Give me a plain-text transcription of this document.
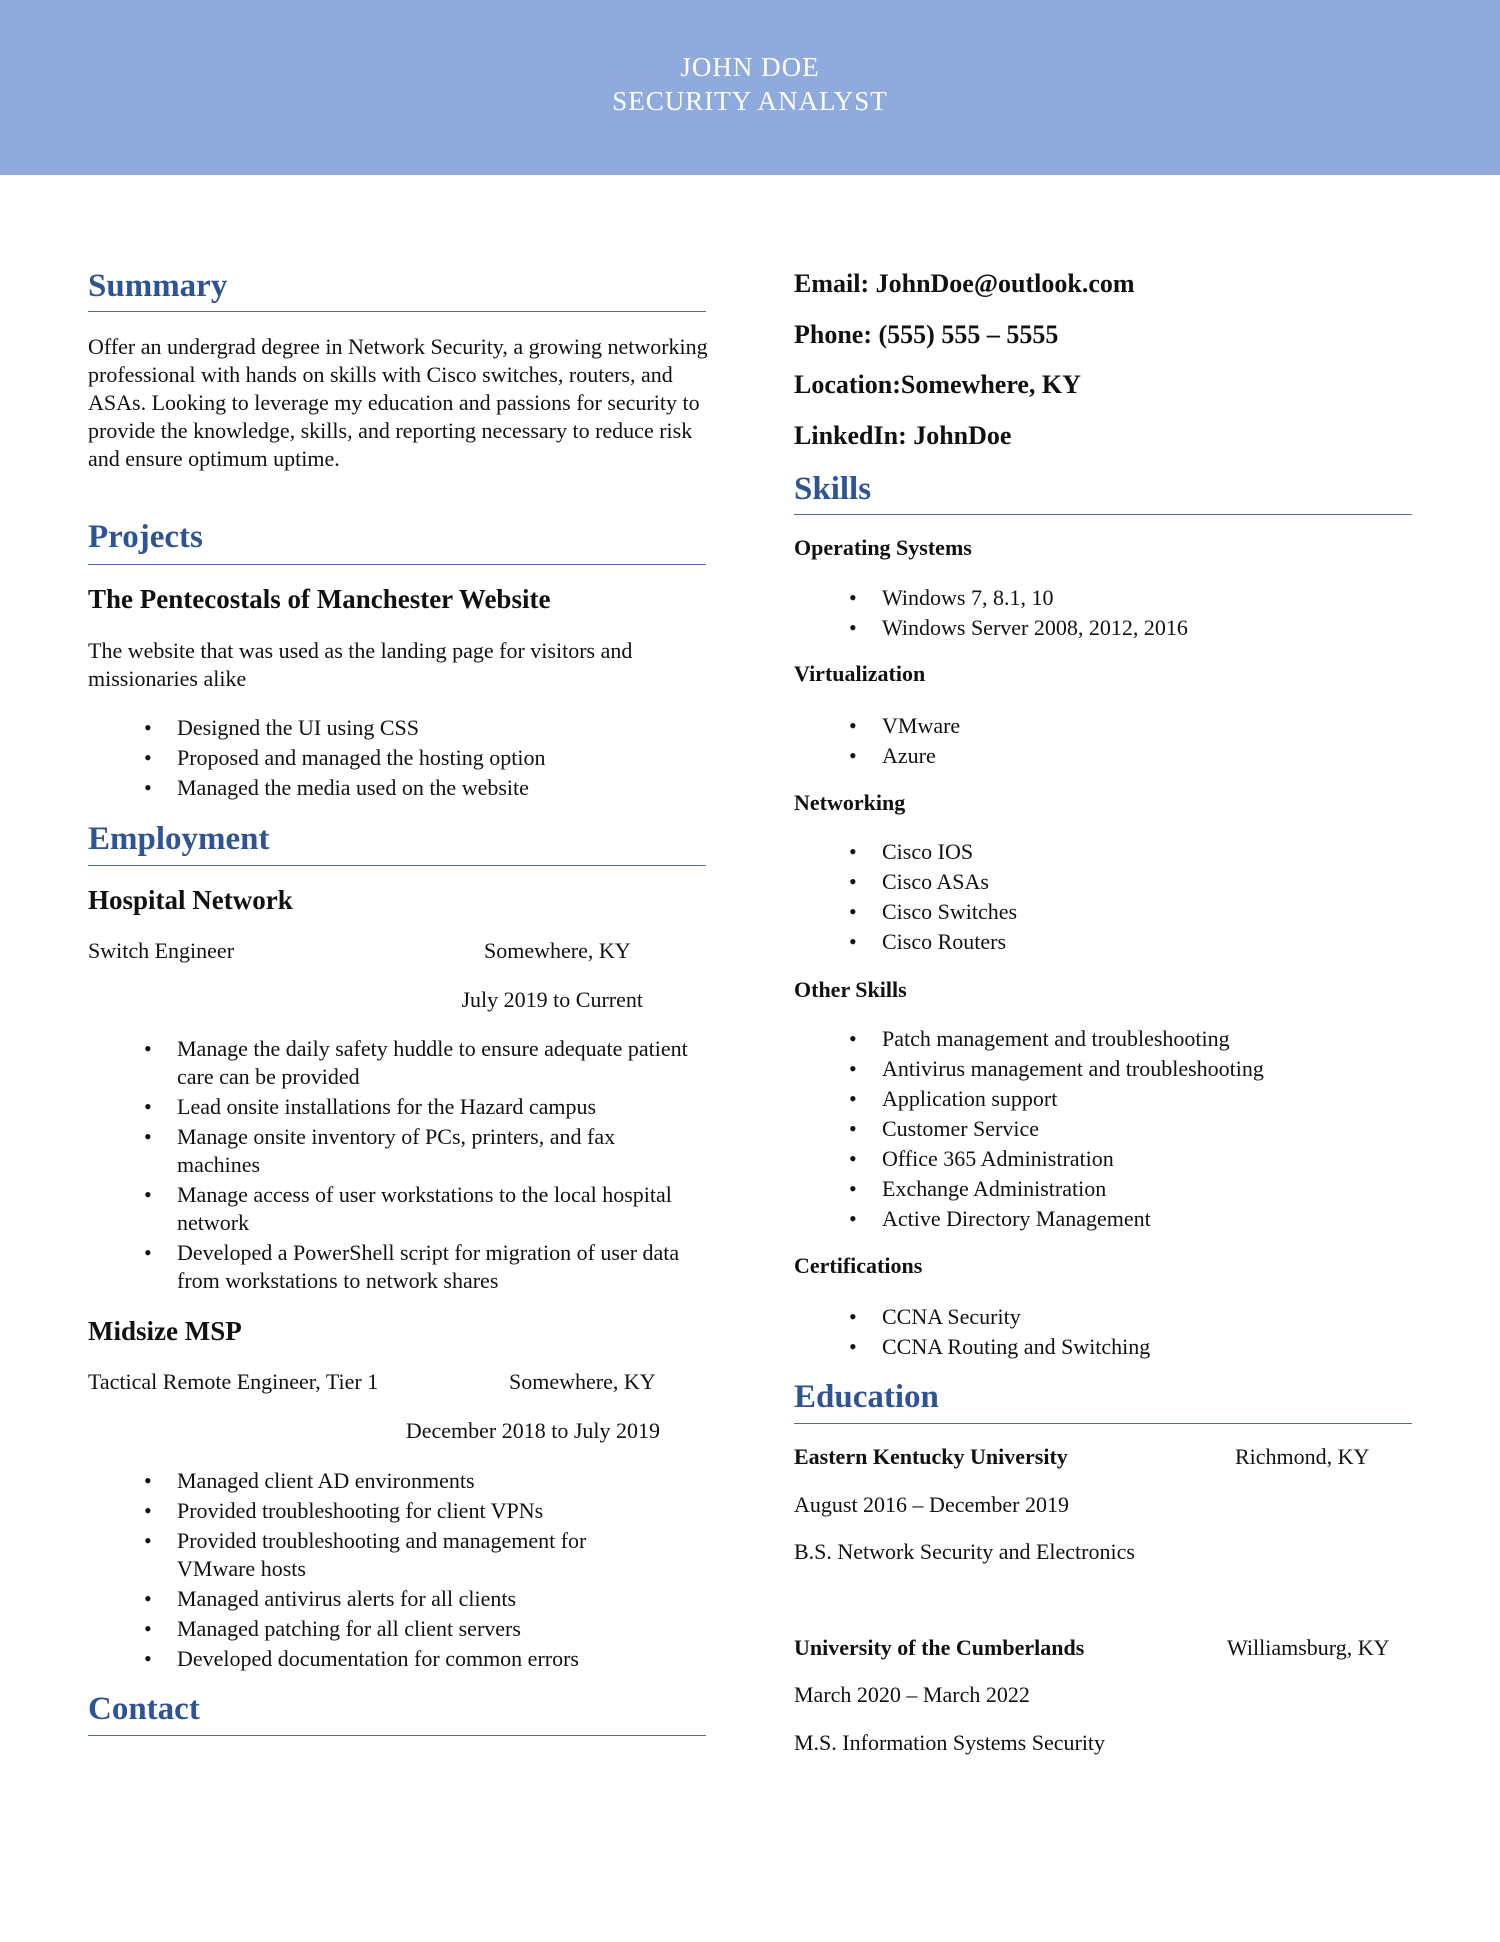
JOHN DOE
SECURITY ANALYST
Summary
Offer an undergrad degree in Network Security, a growing networking professional with hands on skills with Cisco switches, routers, and ASAs. Looking to leverage my education and passions for security to provide the knowledge, skills, and reporting necessary to reduce risk and ensure optimum uptime.
Projects
The Pentecostals of Manchester Website
The website that was used as the landing page for visitors and missionaries alike
• Designed the UI using CSS
• Proposed and managed the hosting option
• Managed the media used on the website
Employment
Hospital Network
Switch Engineer	Somewhere, KY
July 2019 to Current
• Manage the daily safety huddle to ensure adequate patient care can be provided
• Lead onsite installations for the Hazard campus
• Manage onsite inventory of PCs, printers, and fax machines
• Manage access of user workstations to the local hospital network
• Developed a PowerShell script for migration of user data from workstations to network shares
Midsize MSP
Tactical Remote Engineer, Tier 1	Somewhere, KY
December 2018 to July 2019
• Managed client AD environments
• Provided troubleshooting for client VPNs
• Provided troubleshooting and management for VMware hosts
• Managed antivirus alerts for all clients
• Managed patching for all client servers
• Developed documentation for common errors
Contact
Email: JohnDoe@outlook.com
Phone: (555) 555 – 5555
Location:Somewhere, KY
LinkedIn: JohnDoe
Skills
Operating Systems
• Windows 7, 8.1, 10
• Windows Server 2008, 2012, 2016
Virtualization
• VMware
• Azure
Networking
• Cisco IOS
• Cisco ASAs
• Cisco Switches
• Cisco Routers
Other Skills
• Patch management and troubleshooting
• Antivirus management and troubleshooting
• Application support
• Customer Service
• Office 365 Administration
• Exchange Administration
• Active Directory Management
Certifications
• CCNA Security
• CCNA Routing and Switching
Education
Eastern Kentucky University	Richmond, KY
August 2016 – December 2019
B.S. Network Security and Electronics
University of the Cumberlands	Williamsburg, KY
March 2020 – March 2022
M.S. Information Systems Security
